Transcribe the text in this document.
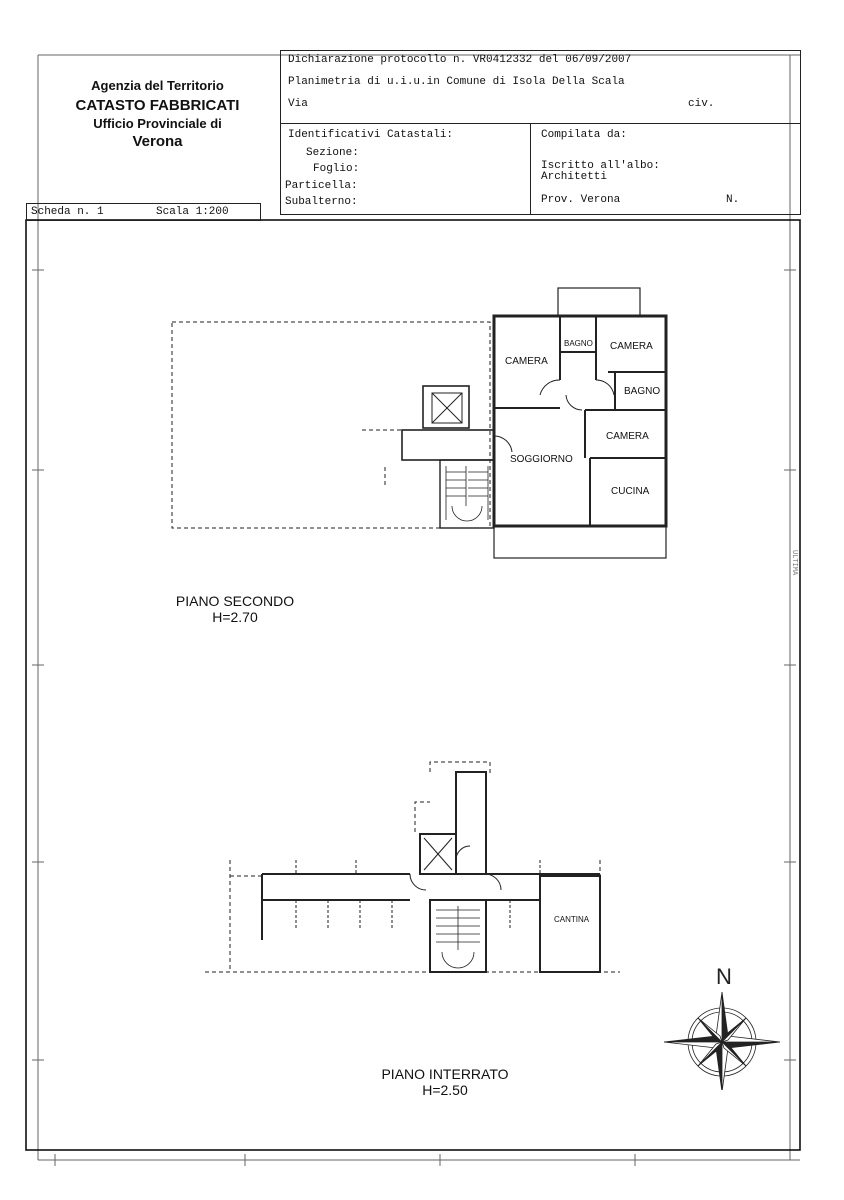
Agenzia del Territorio
CATASTO FABBRICATI
Ufficio Provinciale di
Verona
Dichiarazione protocollo n. VR0412332 del 06/09/2007
Planimetria di u.i.u.in Comune di Isola Della Scala
Via	civ.
Identificativi Catastali:
Sezione:
Foglio:
Particella:
Subalterno:
Compilata da:
Iscritto all'albo:
Architetti
Prov. Verona	N.
Scheda n. 1	Scala 1:200
CAMERA
BAGNO CAMERA
BAGNO
CAMERA
SOGGIORNO
CUCINA
PIANO SECONDO
H=2.70
ULTIMA
CANTINA
PIANO INTERRATO
H=2.50
N
